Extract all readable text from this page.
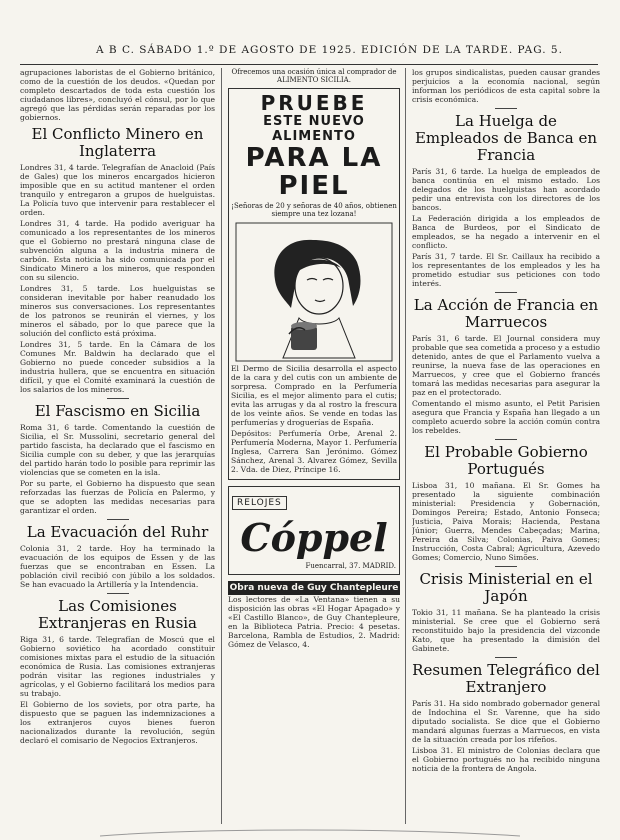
A B C. SÁBADO 1.º DE AGOSTO DE 1925. EDICIÓN DE LA TARDE. PAG. 5.

agrupaciones laboristas de el Gobierno británico, como de la cuestión de los deudos. «Quedan por completo descartados de toda esta cuestión los ciudadanos libres», concluyó el cónsul, por lo que agregó que las pérdidas serán reparadas por los gobiernos.

El Conflicto Minero en Inglaterra

Londres 31, 4 tarde. Telegrafían de Anacloid (País de Gales) que los mineros encargados hicieron imposible que en su actitud mantener el orden tranquilo y entregaron a grupos de huelguistas. La Policía tuvo que intervenir para restablecer el orden.

Londres 31, 4 tarde. Ha podido averiguar ha comunicado a los representantes de los mineros que el Gobierno no prestará ninguna clase de subvención alguna a la industria minera de carbón. Esta noticia ha sido comunicada por el Sindicato Minero a los mineros, que responden con su silencio.

Londres 31, 5 tarde. Los huelguistas se consideran inevitable por haber reanudado los mineros sus conversaciones. Los representantes de los patronos se reunirán el viernes, y los mineros el sábado, por lo que parece que la solución del conflicto está próxima.

Londres 31, 5 tarde. En la Cámara de los Comunes Mr. Baldwin ha declarado que el Gobierno no puede conceder subsidios a la industria hullera, que se encuentra en situación difícil, y que el Comité examinará la cuestión de los salarios de los mineros.

El Fascismo en Sicilia

Roma 31, 6 tarde. Comentando la cuestión de Sicilia, el Sr. Mussolini, secretario general del partido fascista, ha declarado que el fascismo en Sicilia cumple con su deber, y que las jerarquías del partido harán todo lo posible para reprimir las violencias que se cometen en la isla.

Por su parte, el Gobierno ha dispuesto que sean reforzadas las fuerzas de Policía en Palermo, y que se adopten las medidas necesarias para garantizar el orden.

La Evacuación del Ruhr

Colonia 31, 2 tarde. Hoy ha terminado la evacuación de los equipos de Essen y de las fuerzas que se encontraban en Essen. La población civil recibió con júbilo a los soldados. Se han evacuado la Artillería y la Intendencia.

Las Comisiones Extranjeras en Rusia

Riga 31, 6 tarde. Telegrafían de Moscú que el Gobierno soviético ha acordado constituir comisiones mixtas para el estudio de la situación económica de Rusia. Las comisiones extranjeras podrán visitar las regiones industriales y agrícolas, y el Gobierno facilitará los medios para su trabajo.

El Gobierno de los soviets, por otra parte, ha dispuesto que se paguen las indemnizaciones a los extranjeros cuyos bienes fueron nacionalizados durante la revolución, según declaró el comisario de Negocios Extranjeros.

Ofrecemos una ocasión única al comprador de ALIMENTO SICILIA.
PRUEBE
ESTE NUEVO ALIMENTO
PARA LA PIEL
¡Señoras de 20 y señoras de 40 años, obtienen siempre una tez lozana!

El Dermo de Sicilia desarrolla el aspecto de la cara y del cutis con un ambiente de sorpresa. Comprado en la Perfumería Sicilia, es el mejor alimento para el cutis; evita las arrugas y da al rostro la frescura de los veinte años. Se vende en todas las perfumerías y droguerías de España.

Depósitos: Perfumería Orbe, Arenal 2. Perfumería Moderna, Mayor 1. Perfumería Inglesa, Carrera San Jerónimo. Gómez Sánchez, Arenal 3. Alvarez Gómez, Sevilla 2. Vda. de Diez, Príncipe 16.

RELOJES
Cóppel
Fuencarral, 37. MADRID.
Obra nueva de Guy Chantepleure

Los lectores de «La Ventana» tienen a su disposición las obras «El Hogar Apagado» y «El Castillo Blanco», de Guy Chantepleure, en la Biblioteca Patria. Precio: 4 pesetas. Barcelona, Rambla de Estudios, 2. Madrid: Gómez de Velasco, 4.

los grupos sindicalistas, pueden causar grandes perjuicios a la economía nacional, según informan los periódicos de esta capital sobre la crisis económica.

La Huelga de Empleados de Banca en Francia

París 31, 6 tarde. La huelga de empleados de banca continúa en el mismo estado. Los delegados de los huelguistas han acordado pedir una entrevista con los directores de los bancos.

La Federación dirigida a los empleados de Banca de Burdeos, por el Sindicato de empleados, se ha negado a intervenir en el conflicto.

París 31, 7 tarde. El Sr. Caillaux ha recibido a los representantes de los empleados y les ha prometido estudiar sus peticiones con todo interés.

La Acción de Francia en Marruecos

París 31, 6 tarde. El Journal considera muy probable que sea cometida a proceso y a estudio detenido, antes de que el Parlamento vuelva a reunirse, la nueva fase de las operaciones en Marruecos, y cree que el Gobierno francés tomará las medidas necesarias para asegurar la paz en el protectorado.

Comentando el mismo asunto, el Petit Parisien asegura que Francia y España han llegado a un completo acuerdo sobre la acción común contra los rebeldes.

El Probable Gobierno Portugués

Lisboa 31, 10 mañana. El Sr. Gomes ha presentado la siguiente combinación ministerial: Presidencia y Gobernación, Domingos Pereira; Estado, Antonio Fonseca; Justicia, Paiva Morais; Hacienda, Pestana Júnior; Guerra, Mendes Cabeçadas; Marina, Pereira da Silva; Colonias, Paiva Gomes; Instrucción, Costa Cabral; Agricultura, Azevedo Gomes; Comercio, Nuno Simões.

Crisis Ministerial en el Japón

Tokio 31, 11 mañana. Se ha planteado la crisis ministerial. Se cree que el Gobierno será reconstituido bajo la presidencia del vizconde Kato, que ha presentado la dimisión del Gabinete.

Resumen Telegráfico del Extranjero

París 31. Ha sido nombrado gobernador general de Indochina el Sr. Varenne, que ha sido diputado socialista. Se dice que el Gobierno mandará algunas fuerzas a Marruecos, en vista de la situación creada por los rifeños.

Lisboa 31. El ministro de Colonias declara que el Gobierno portugués no ha recibido ninguna noticia de la frontera de Angola.
